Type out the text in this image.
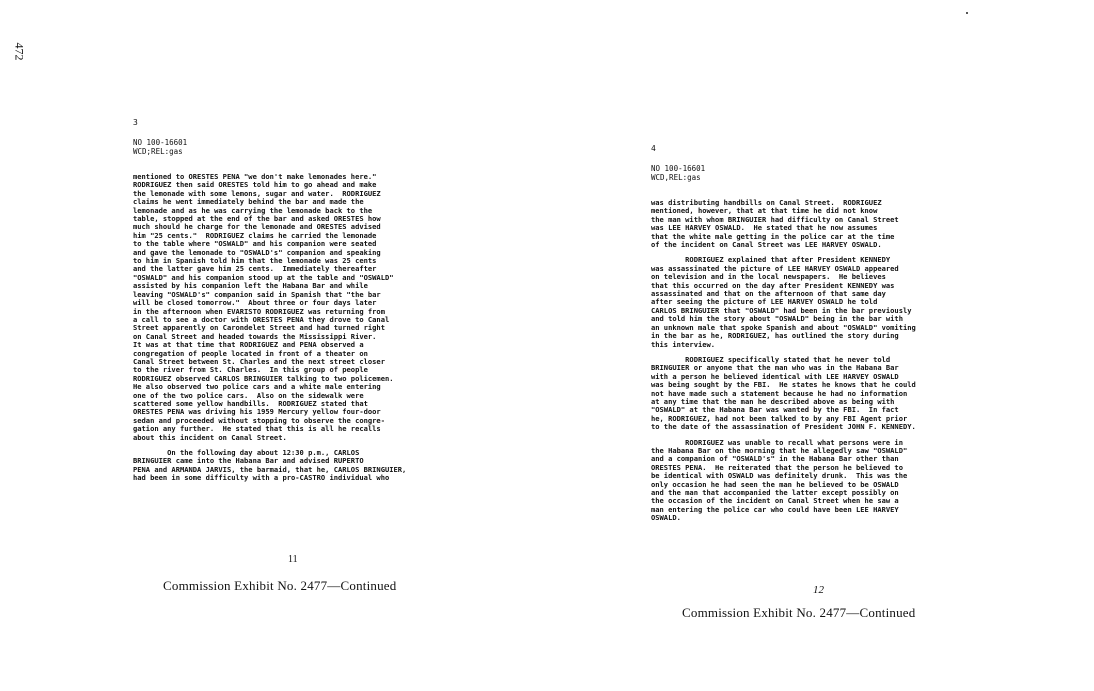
472
3
NO 100-16601
WCD;REL:gas

mentioned to ORESTES PENA "we don't make lemonades here."
RODRIGUEZ then said ORESTES told him to go ahead and make
the lemonade with some lemons, sugar and water.  RODRIGUEZ
claims he went immediately behind the bar and made the
lemonade and as he was carrying the lemonade back to the
table, stopped at the end of the bar and asked ORESTES how
much should he charge for the lemonade and ORESTES advised
him "25 cents."  RODRIGUEZ claims he carried the lemonade
to the table where "OSWALD" and his companion were seated
and gave the lemonade to "OSWALD's" companion and speaking
to him in Spanish told him that the lemonade was 25 cents
and the latter gave him 25 cents.  Immediately thereafter
"OSWALD" and his companion stood up at the table and "OSWALD"
assisted by his companion left the Habana Bar and while
leaving "OSWALD's" companion said in Spanish that "the bar
will be closed tomorrow."  About three or four days later
in the afternoon when EVARISTO RODRIGUEZ was returning from
a call to see a doctor with ORESTES PENA they drove to Canal
Street apparently on Carondelet Street and had turned right
on Canal Street and headed towards the Mississippi River.
It was at that time that RODRIGUEZ and PENA observed a
congregation of people located in front of a theater on
Canal Street between St. Charles and the next street closer
to the river from St. Charles.  In this group of people
RODRIGUEZ observed CARLOS BRINGUIER talking to two policemen.
He also observed two police cars and a white male entering
one of the two police cars.  Also on the sidewalk were
scattered some yellow handbills.  RODRIGUEZ stated that
ORESTES PENA was driving his 1959 Mercury yellow four-door
sedan and proceeded without stopping to observe the congre-
gation any further.  He stated that this is all he recalls
about this incident on Canal Street.

On the following day about 12:30 p.m., CARLOS
BRINGUIER came into the Habana Bar and advised RUPERTO
PENA and ARMANDA JARVIS, the barmaid, that he, CARLOS BRINGUIER,
had been in some difficulty with a pro-CASTRO individual who

11
Commission Exhibit No. 2477—Continued
4
NO 100-16601
WCD,REL:gas

was distributing handbills on Canal Street.  RODRIGUEZ
mentioned, however, that at that time he did not know
the man with whom BRINGUIER had difficulty on Canal Street
was LEE HARVEY OSWALD.  He stated that he now assumes
that the white male getting in the police car at the time
of the incident on Canal Street was LEE HARVEY OSWALD.

RODRIGUEZ explained that after President KENNEDY
was assassinated the picture of LEE HARVEY OSWALD appeared
on television and in the local newspapers.  He believes
that this occurred on the day after President KENNEDY was
assassinated and that on the afternoon of that same day
after seeing the picture of LEE HARVEY OSWALD he told
CARLOS BRINGUIER that "OSWALD" had been in the bar previously
and told him the story about "OSWALD" being in the bar with
an unknown male that spoke Spanish and about "OSWALD" vomiting
in the bar as he, RODRIGUEZ, has outlined the story during
this interview.

RODRIGUEZ specifically stated that he never told
BRINGUIER or anyone that the man who was in the Habana Bar
with a person he believed identical with LEE HARVEY OSWALD
was being sought by the FBI.  He states he knows that he could
not have made such a statement because he had no information
at any time that the man he described above as being with
"OSWALD" at the Habana Bar was wanted by the FBI.  In fact
he, RODRIGUEZ, had not been talked to by any FBI Agent prior
to the date of the assassination of President JOHN F. KENNEDY.

RODRIGUEZ was unable to recall what persons were in
the Habana Bar on the morning that he allegedly saw "OSWALD"
and a companion of "OSWALD's" in the Habana Bar other than
ORESTES PENA.  He reiterated that the person he believed to
be identical with OSWALD was definitely drunk.  This was the
only occasion he had seen the man he believed to be OSWALD
and the man that accompanied the latter except possibly on
the occasion of the incident on Canal Street when he saw a
man entering the police car who could have been LEE HARVEY
OSWALD.

12
Commission Exhibit No. 2477—Continued
